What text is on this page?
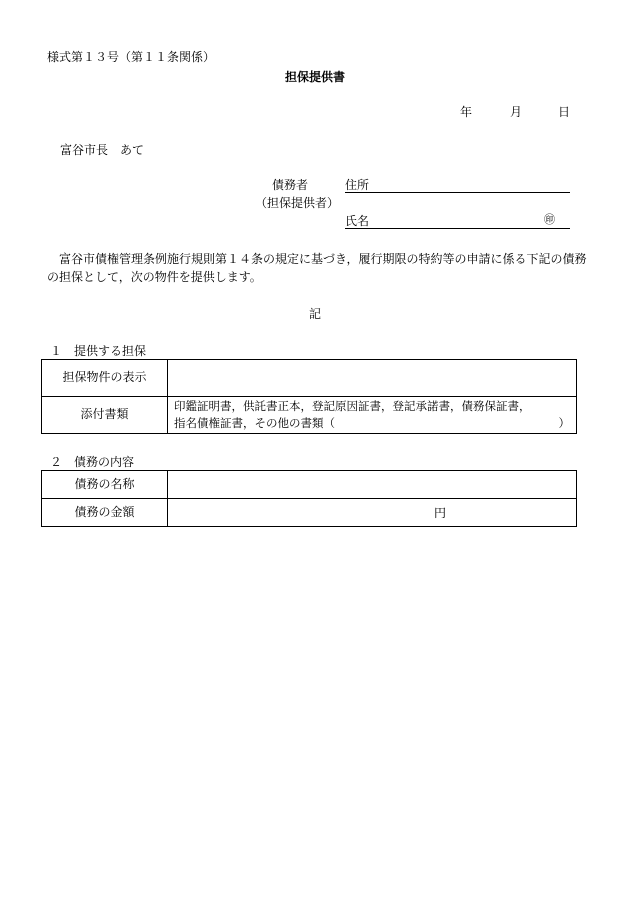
様式第１３号（第１１条関係）
担保提供書
年	月	日
富谷市長　あて
債務者
（担保提供者）
住所
氏名	㊞
富谷市債権管理条例施行規則第１４条の規定に基づき，履行期限の特約等の申請に係る下記の債務の担保として，次の物件を提供します。
記
１　提供する担保
担保物件の表示	
添付書類	印鑑証明書，供託書正本，登記原因証書，登記承諾書，債務保証書，
指名債権証書，その他の書類（ ）
２　債務の内容
債務の名称	
債務の金額	円
